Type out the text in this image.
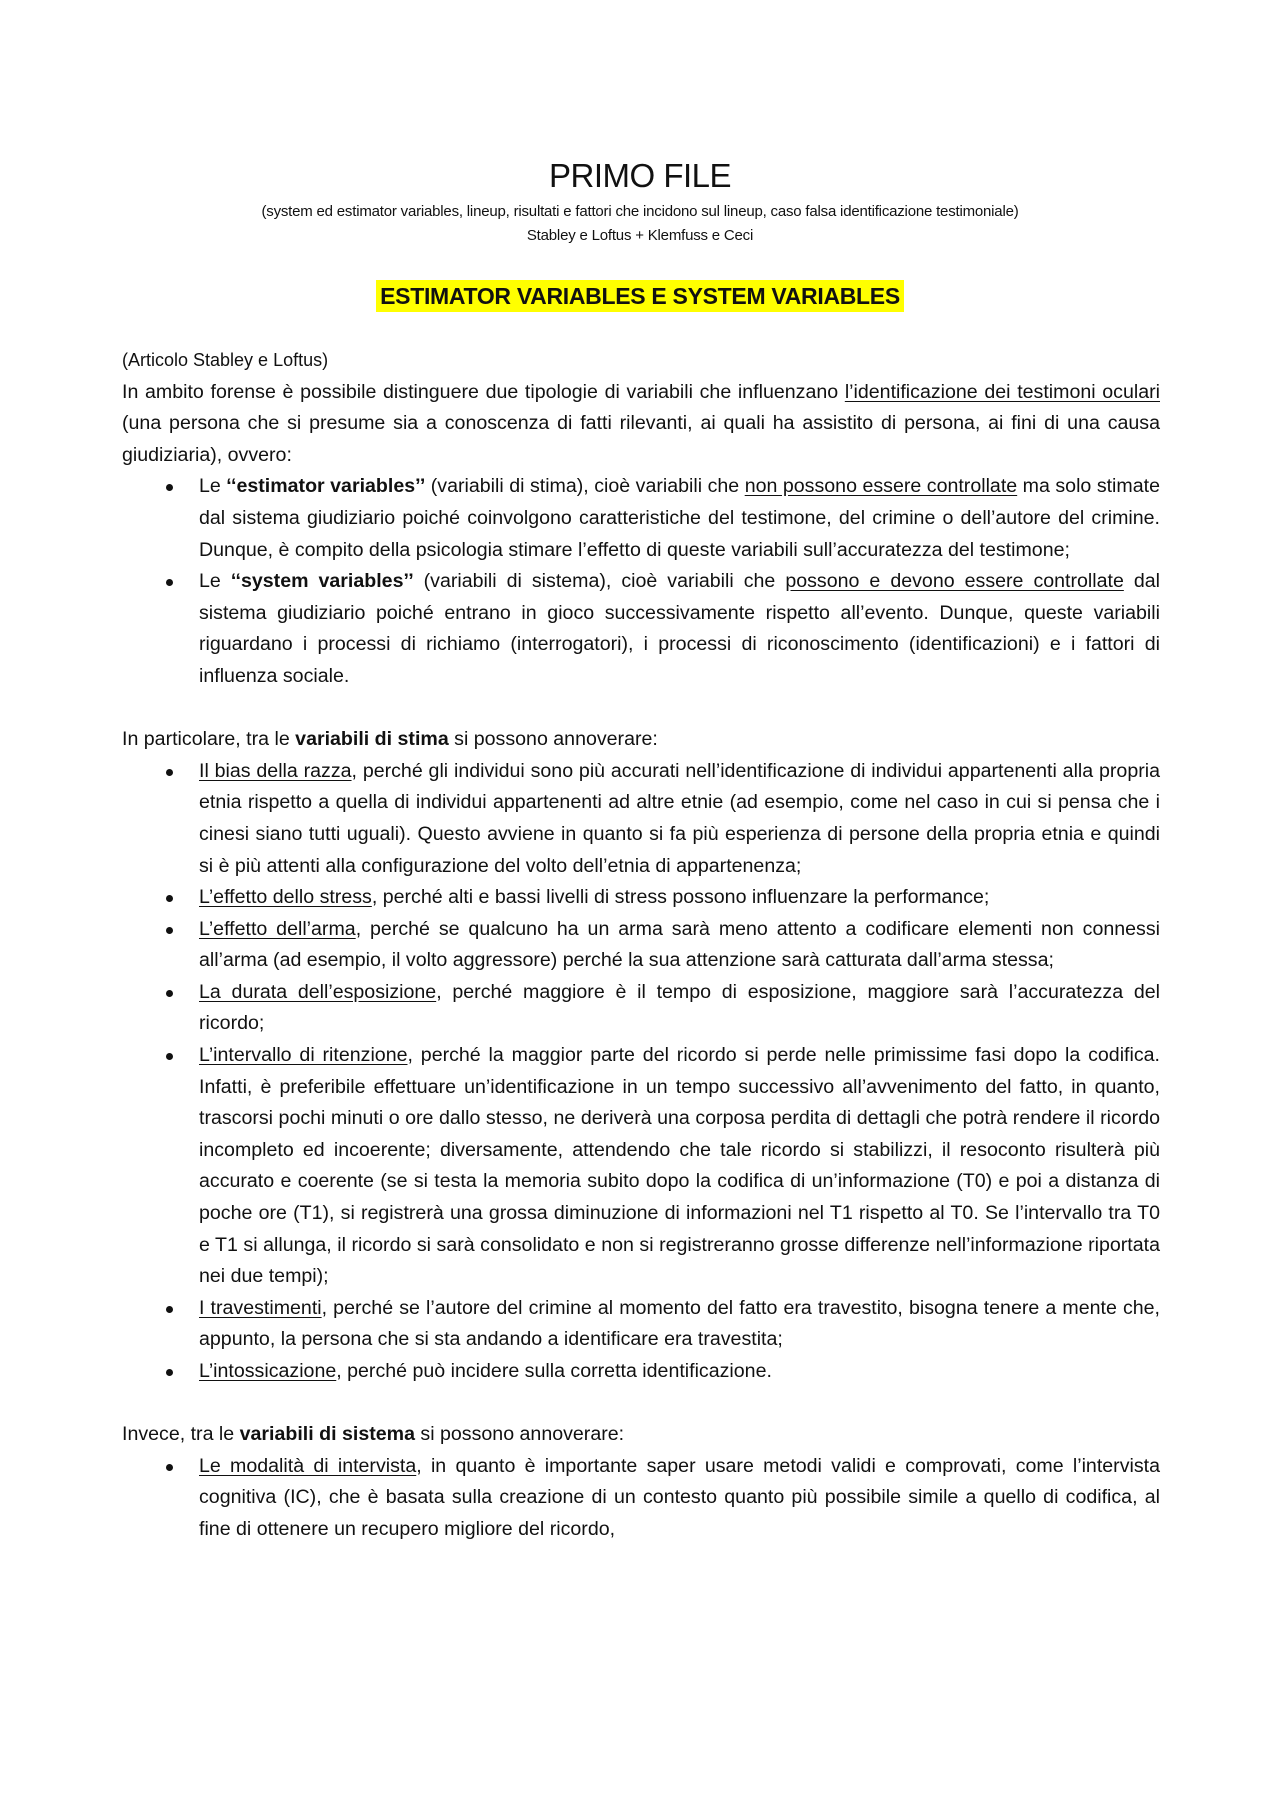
PRIMO FILE
(system ed estimator variables, lineup, risultati e fattori che incidono sul lineup, caso falsa identificazione testimoniale)
Stabley e Loftus + Klemfuss e Ceci
ESTIMATOR VARIABLES E SYSTEM VARIABLES

(Articolo Stabley e Loftus)

In ambito forense è possibile distinguere due tipologie di variabili che influenzano l’identificazione dei testimoni oculari (una persona che si presume sia a conoscenza di fatti rilevanti, ai quali ha assistito di persona, ai fini di una causa giudiziaria), ovvero:

Le ‘‘estimator variables’’ (variabili di stima), cioè variabili che non possono essere controllate ma solo stimate dal sistema giudiziario poiché coinvolgono caratteristiche del testimone, del crimine o dell’autore del crimine. Dunque, è compito della psicologia stimare l’effetto di queste variabili sull’accuratezza del testimone;
Le ‘‘system variables’’ (variabili di sistema), cioè variabili che possono e devono essere controllate dal sistema giudiziario poiché entrano in gioco successivamente rispetto all’evento. Dunque, queste variabili riguardano i processi di richiamo (interrogatori), i processi di riconoscimento (identificazioni) e i fattori di influenza sociale.

In particolare, tra le variabili di stima si possono annoverare:

Il bias della razza, perché gli individui sono più accurati nell’identificazione di individui appartenenti alla propria etnia rispetto a quella di individui appartenenti ad altre etnie (ad esempio, come nel caso in cui si pensa che i cinesi siano tutti uguali). Questo avviene in quanto si fa più esperienza di persone della propria etnia e quindi si è più attenti alla configurazione del volto dell’etnia di appartenenza;
L’effetto dello stress, perché alti e bassi livelli di stress possono influenzare la performance;
L’effetto dell’arma, perché se qualcuno ha un arma sarà meno attento a codificare elementi non connessi all’arma (ad esempio, il volto aggressore) perché la sua attenzione sarà catturata dall’arma stessa;
La durata dell’esposizione, perché maggiore è il tempo di esposizione, maggiore sarà l’accuratezza del ricordo;
L’intervallo di ritenzione, perché la maggior parte del ricordo si perde nelle primissime fasi dopo la codifica. Infatti, è preferibile effettuare un’identificazione in un tempo successivo all’avvenimento del fatto, in quanto, trascorsi pochi minuti o ore dallo stesso, ne deriverà una corposa perdita di dettagli che potrà rendere il ricordo incompleto ed incoerente; diversamente, attendendo che tale ricordo si stabilizzi, il resoconto risulterà più accurato e coerente (se si testa la memoria subito dopo la codifica di un’informazione (T0) e poi a distanza di poche ore (T1), si registrerà una grossa diminuzione di informazioni nel T1 rispetto al T0. Se l’intervallo tra T0 e T1 si allunga, il ricordo si sarà consolidato e non si registreranno grosse differenze nell’informazione riportata nei due tempi);
I travestimenti, perché se l’autore del crimine al momento del fatto era travestito, bisogna tenere a mente che, appunto, la persona che si sta andando a identificare era travestita;
L’intossicazione, perché può incidere sulla corretta identificazione.

Invece, tra le variabili di sistema si possono annoverare:

Le modalità di intervista, in quanto è importante saper usare metodi validi e comprovati, come l’intervista cognitiva (IC), che è basata sulla creazione di un contesto quanto più possibile simile a quello di codifica, al fine di ottenere un recupero migliore del ricordo,
